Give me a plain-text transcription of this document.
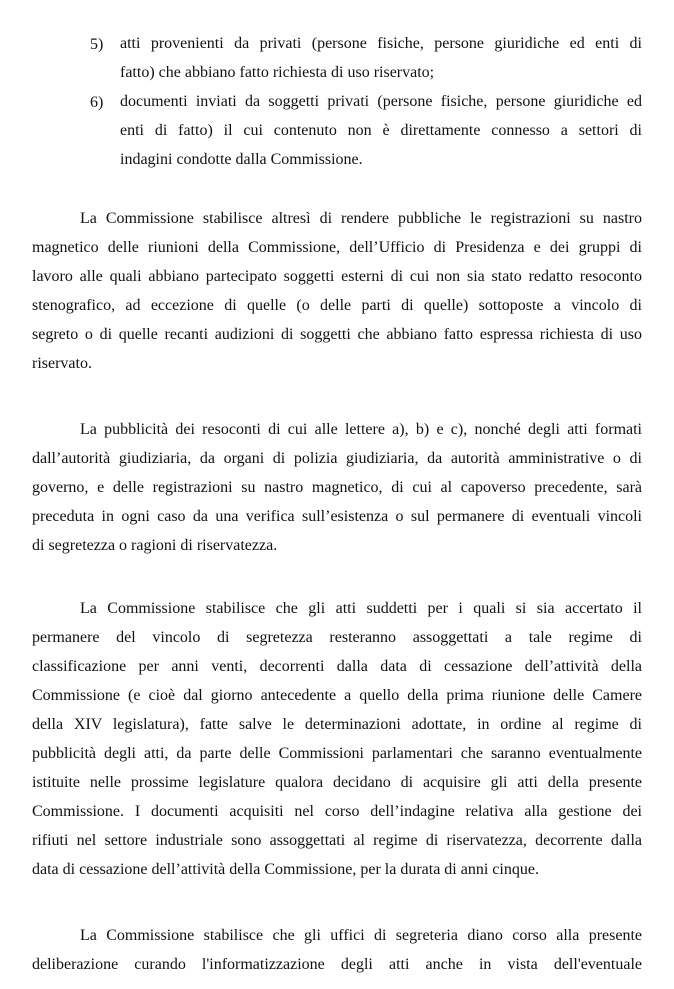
5) atti provenienti da privati (persone fisiche, persone giuridiche ed enti di
fatto) che abbiano fatto richiesta di uso riservato;
6) documenti inviati da soggetti privati (persone fisiche, persone giuridiche ed
enti di fatto) il cui contenuto non è direttamente connesso a settori di
indagini condotte dalla Commissione.
La Commissione stabilisce altresì di rendere pubbliche le registrazioni su nastro
magnetico delle riunioni della Commissione, dell’Ufficio di Presidenza e dei gruppi di
lavoro alle quali abbiano partecipato soggetti esterni di cui non sia stato redatto resoconto
stenografico, ad eccezione di quelle (o delle parti di quelle) sottoposte a vincolo di
segreto o di quelle recanti audizioni di soggetti che abbiano fatto espressa richiesta di uso
riservato.
La pubblicità dei resoconti di cui alle lettere a), b) e c), nonché degli atti formati
dall’autorità giudiziaria, da organi di polizia giudiziaria, da autorità amministrative o di
governo, e delle registrazioni su nastro magnetico, di cui al capoverso precedente, sarà
preceduta in ogni caso da una verifica sull’esistenza o sul permanere di eventuali vincoli
di segretezza o ragioni di riservatezza.
La Commissione stabilisce che gli atti suddetti per i quali si sia accertato il
permanere del vincolo di segretezza resteranno assoggettati a tale regime di
classificazione per anni venti, decorrenti dalla data di cessazione dell’attività della
Commissione (e cioè dal giorno antecedente a quello della prima riunione delle Camere
della XIV legislatura), fatte salve le determinazioni adottate, in ordine al regime di
pubblicità degli atti, da parte delle Commissioni parlamentari che saranno eventualmente
istituite nelle prossime legislature qualora decidano di acquisire gli atti della presente
Commissione. I documenti acquisiti nel corso dell’indagine relativa alla gestione dei
rifiuti nel settore industriale sono assoggettati al regime di riservatezza, decorrente dalla
data di cessazione dell’attività della Commissione, per la durata di anni cinque.
La Commissione stabilisce che gli uffici di segreteria diano corso alla presente
deliberazione curando l'informatizzazione degli atti anche in vista dell'eventuale
